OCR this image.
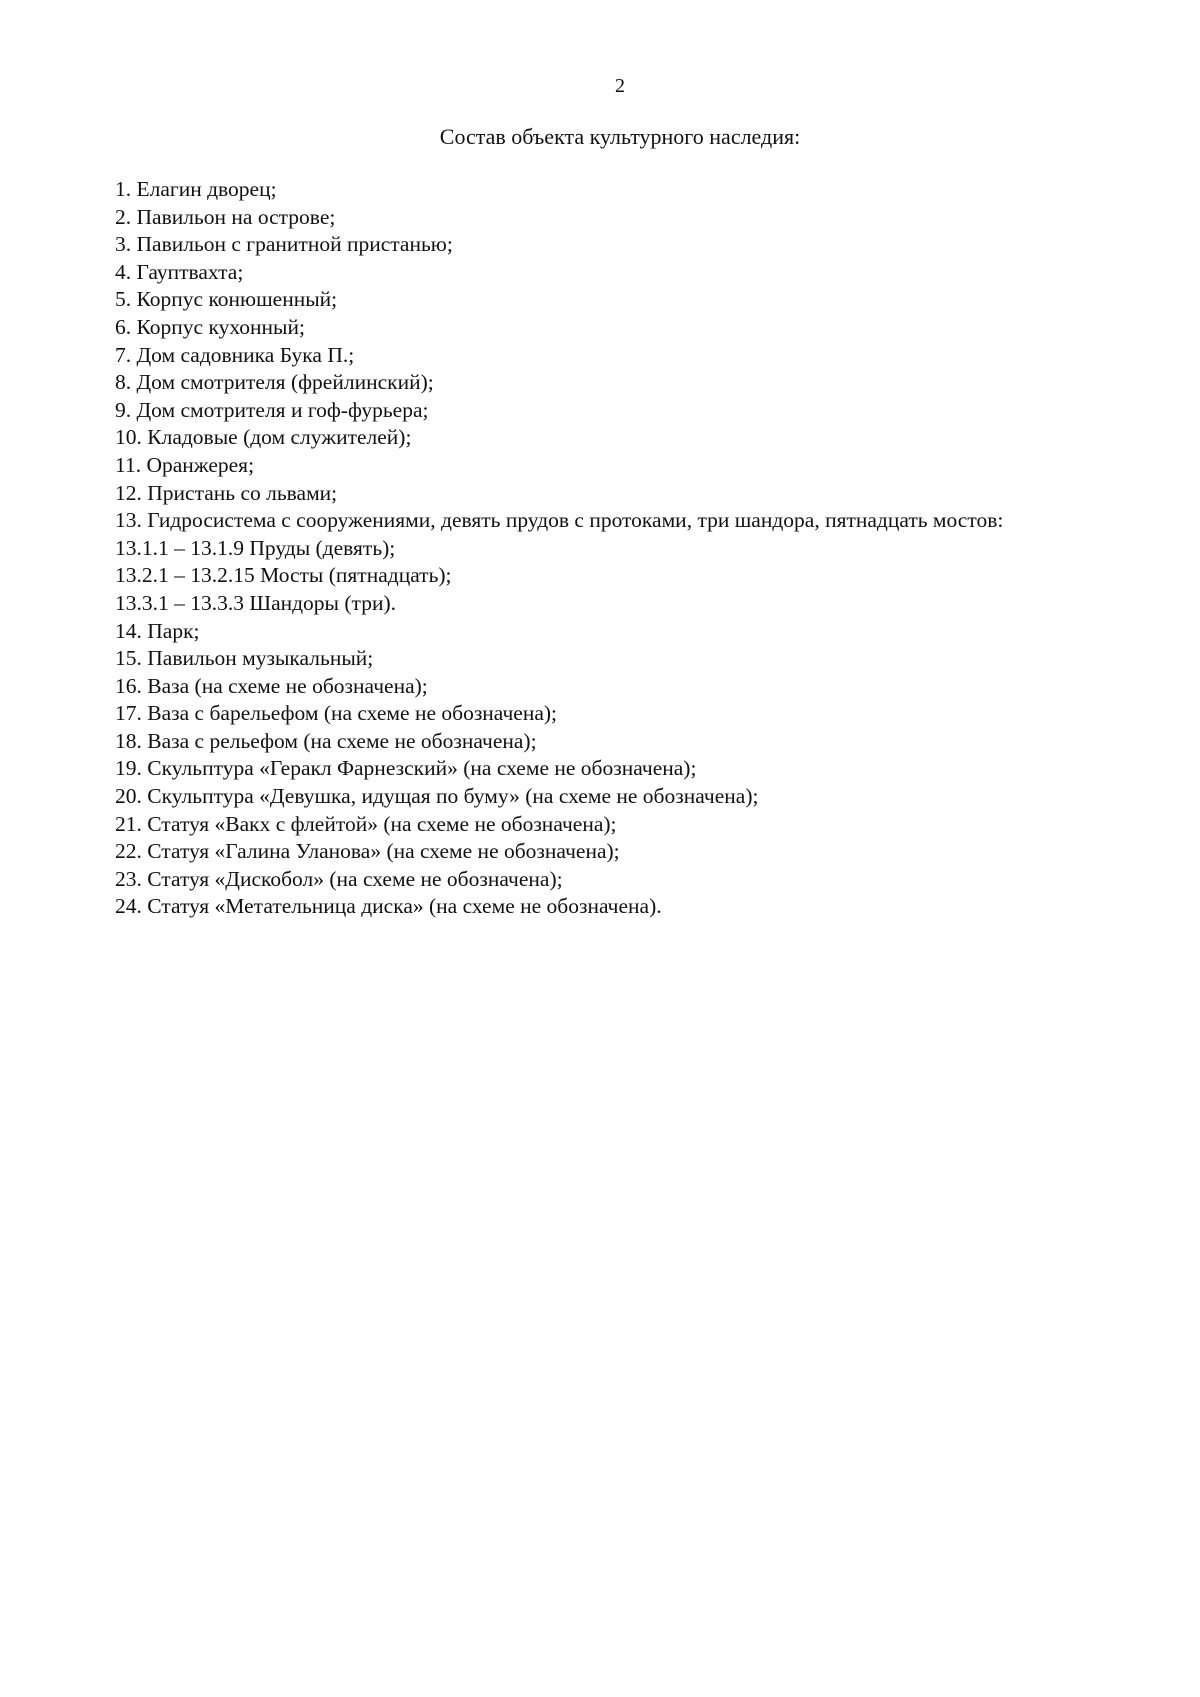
2
Состав объекта культурного наследия:
1. Елагин дворец;
2. Павильон на острове;
3. Павильон с гранитной пристанью;
4. Гауптвахта;
5. Корпус конюшенный;
6. Корпус кухонный;
7. Дом садовника Бука П.;
8. Дом смотрителя (фрейлинский);
9. Дом смотрителя и гоф-фурьера;
10. Кладовые (дом служителей);
11. Оранжерея;
12. Пристань со львами;
13. Гидросистема с сооружениями, девять прудов с протоками, три шандора, пятнадцать мостов:
13.1.1 – 13.1.9 Пруды (девять);
13.2.1 – 13.2.15 Мосты (пятнадцать);
13.3.1 – 13.3.3 Шандоры (три).
14. Парк;
15. Павильон музыкальный;
16. Ваза (на схеме не обозначена);
17. Ваза с барельефом (на схеме не обозначена);
18. Ваза с рельефом (на схеме не обозначена);
19. Скульптура «Геракл Фарнезский» (на схеме не обозначена);
20. Скульптура «Девушка, идущая по буму» (на схеме не обозначена);
21. Статуя «Вакх с флейтой» (на схеме не обозначена);
22. Статуя «Галина Уланова» (на схеме не обозначена);
23. Статуя «Дискобол» (на схеме не обозначена);
24. Статуя «Метательница диска» (на схеме не обозначена).
